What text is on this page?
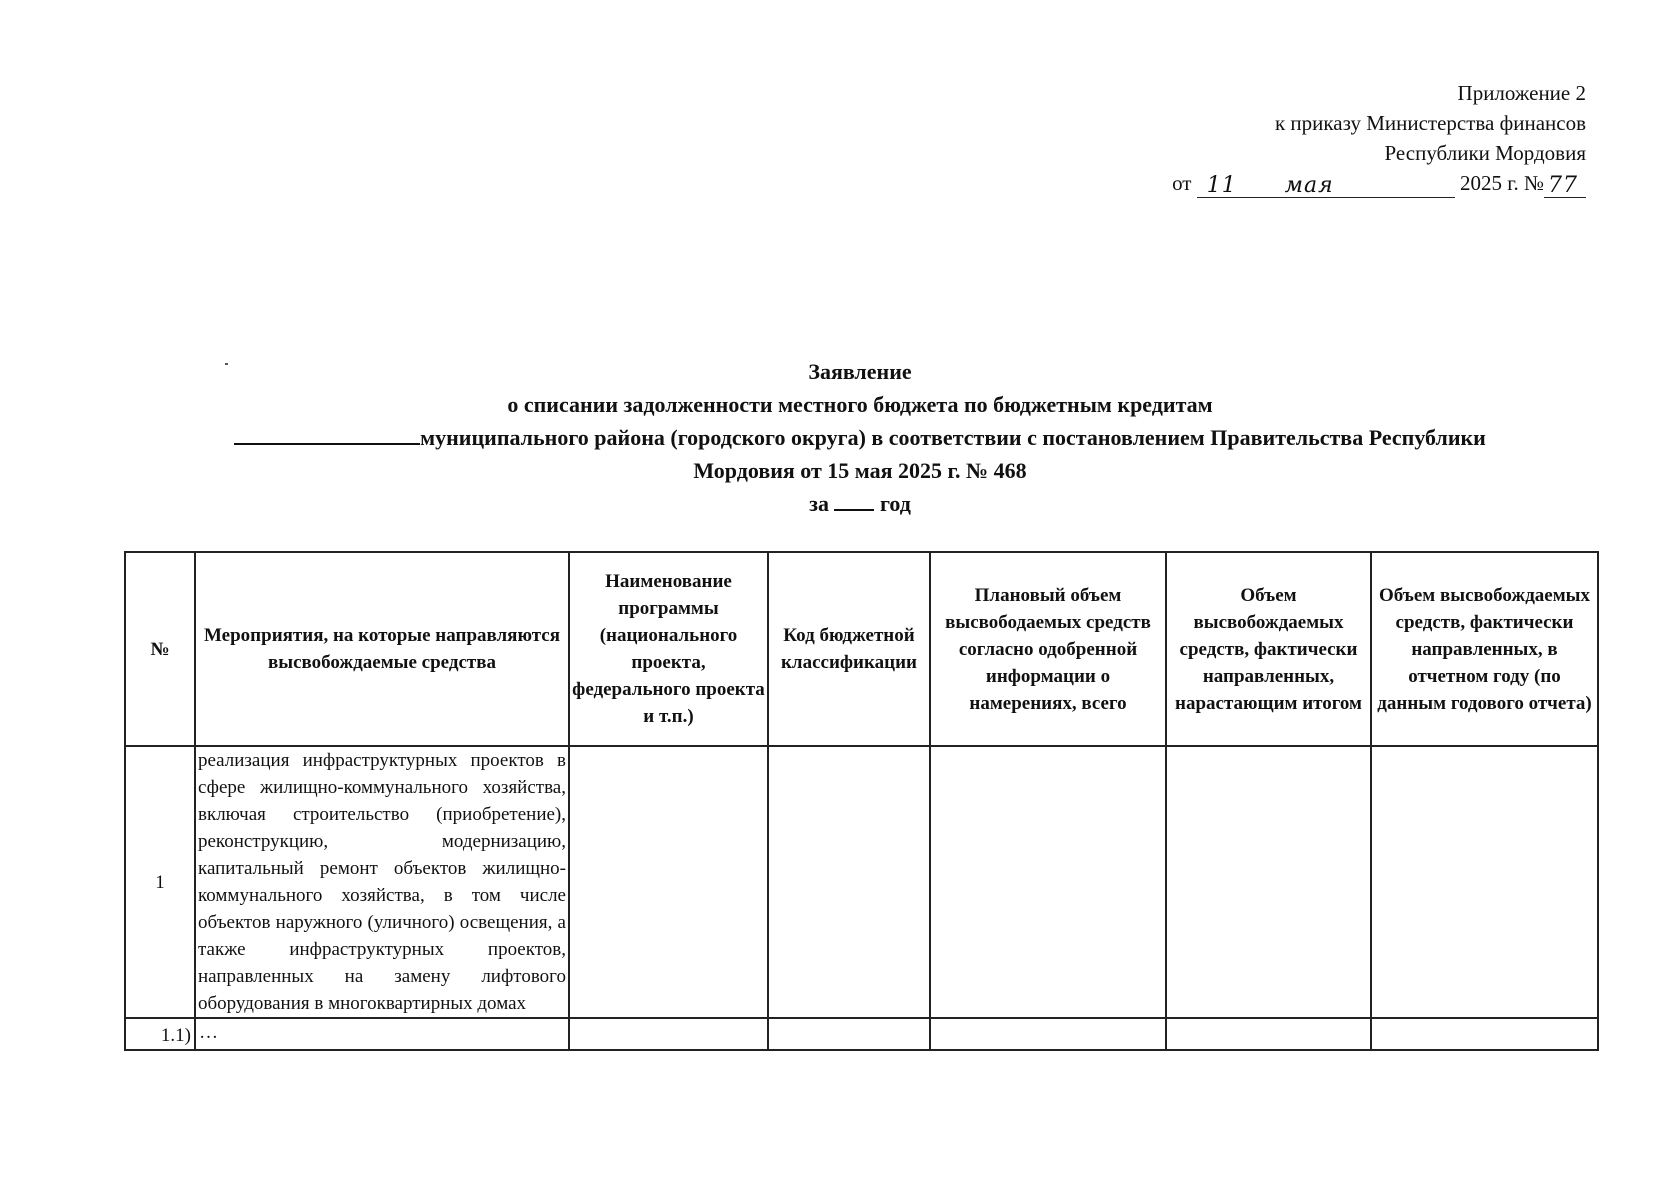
Приложение 2
к приказу Министерства финансов
Республики Мордовия
от 11 мая	2025 г. № 77
Заявление
о списании задолженности местного бюджета по бюджетным кредитам
муниципального района (городского округа) в соответствии с постановлением Правительства Республики
Мордовия от 15 мая 2025 г. № 468
за год
№	Мероприятия, на которые направляются высвобождаемые средства	Наименование программы (национального проекта, федерального проекта и т.п.)	Код бюджетной классификации	Плановый объем высвободаемых средств согласно одобренной информации о намерениях, всего	Объем высвобождаемых средств, фактически направленных, нарастающим итогом	Объем высвобождаемых средств, фактически направленных, в отчетном году (по данным годового отчета)
1	реализация инфраструктурных проектов в сфере жилищно-коммунального хозяйства, включая строительство (приобретение), реконструкцию, модернизацию, капитальный ремонт объектов жилищно-коммунального хозяйства, в том числе объектов наружного (уличного) освещения, а также инфраструктурных проектов, направленных на замену лифтового оборудования в многоквартирных домах					
1.1)	…					
